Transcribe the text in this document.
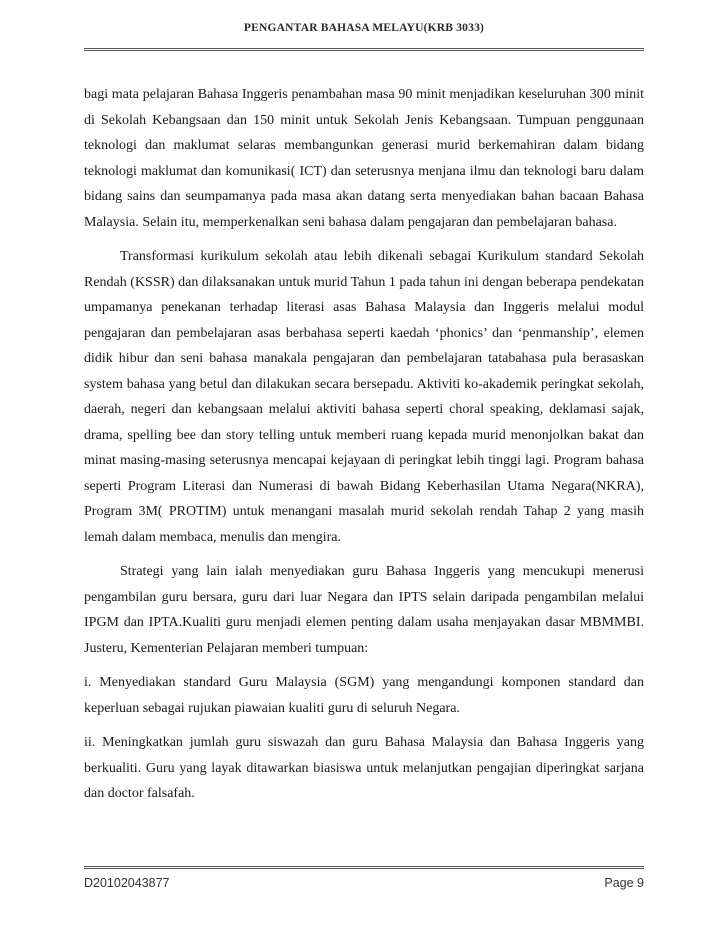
PENGANTAR BAHASA MELAYU(KRB 3033)

bagi mata pelajaran Bahasa Inggeris penambahan masa 90 minit menjadikan keseluruhan 300 minit di Sekolah Kebangsaan dan 150 minit untuk Sekolah Jenis Kebangsaan. Tumpuan penggunaan teknologi dan maklumat selaras membangunkan generasi murid berkemahiran dalam bidang teknologi maklumat dan komunikasi( ICT) dan seterusnya menjana ilmu dan teknologi baru dalam bidang sains dan seumpamanya pada masa akan datang serta menyediakan bahan bacaan Bahasa Malaysia. Selain itu, memperkenalkan seni bahasa dalam pengajaran dan pembelajaran bahasa.

Transformasi kurikulum sekolah atau lebih dikenali sebagai Kurikulum standard Sekolah Rendah (KSSR) dan dilaksanakan untuk murid Tahun 1 pada tahun ini dengan beberapa pendekatan umpamanya penekanan terhadap literasi asas Bahasa Malaysia dan Inggeris melalui modul pengajaran dan pembelajaran asas berbahasa seperti kaedah ‘phonics’ dan ‘penmanship’, elemen didik hibur dan seni bahasa manakala pengajaran dan pembelajaran tatabahasa pula berasaskan system bahasa yang betul dan dilakukan secara bersepadu. Aktiviti ko-akademik peringkat sekolah, daerah, negeri dan kebangsaan melalui aktiviti bahasa seperti choral speaking, deklamasi sajak, drama, spelling bee dan story telling untuk memberi ruang kepada murid menonjolkan bakat dan minat masing-masing seterusnya mencapai kejayaan di peringkat lebih tinggi lagi. Program bahasa seperti Program Literasi dan Numerasi di bawah Bidang Keberhasilan Utama Negara(NKRA), Program 3M( PROTIM) untuk menangani masalah murid sekolah rendah Tahap 2 yang masih lemah dalam membaca, menulis dan mengira.

Strategi yang lain ialah menyediakan guru Bahasa Inggeris yang mencukupi menerusi pengambilan guru bersara, guru dari luar Negara dan IPTS selain daripada pengambilan melalui IPGM dan IPTA.Kualiti guru menjadi elemen penting dalam usaha menjayakan dasar MBMMBI. Justeru, Kementerian Pelajaran memberi tumpuan:

i. Menyediakan standard Guru Malaysia (SGM) yang mengandungi komponen standard dan keperluan sebagai rujukan piawaian kualiti guru di seluruh Negara.

ii. Meningkatkan jumlah guru siswazah dan guru Bahasa Malaysia dan Bahasa Inggeris yang berkualiti. Guru yang layak ditawarkan biasiswa untuk melanjutkan pengajian diperingkat sarjana dan doctor falsafah.

D20102043877	Page 9
